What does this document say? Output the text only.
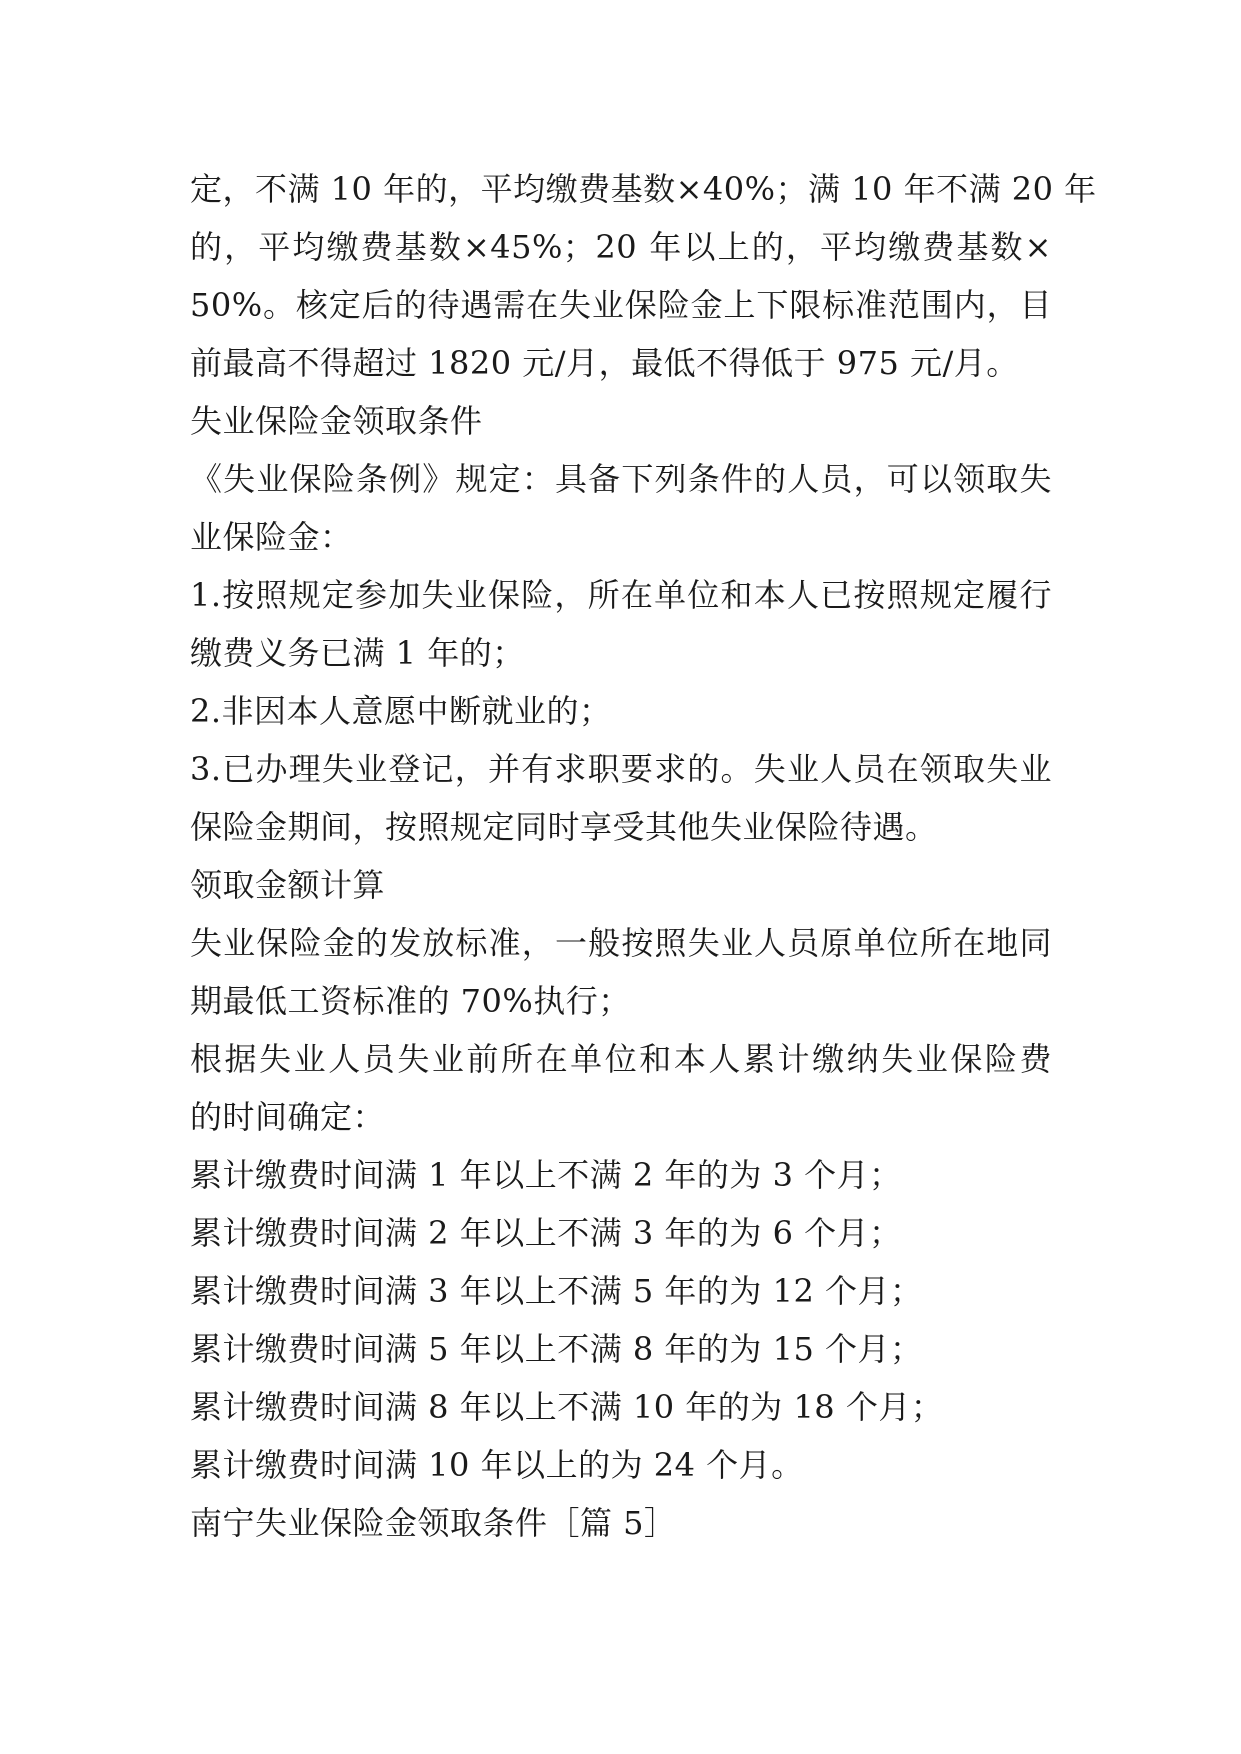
定，不满 10 年的，平均缴费基数×40%；满 10 年不满 20 年
的，平均缴费基数×45%；20 年以上的，平均缴费基数×
50%。核定后的待遇需在失业保险金上下限标准范围内，目
前最高不得超过 1820 元/月，最低不得低于 975 元/月。
失业保险金领取条件
《失业保险条例》规定：具备下列条件的人员，可以领取失
业保险金：
1.按照规定参加失业保险，所在单位和本人已按照规定履行
缴费义务已满 1 年的；
2.非因本人意愿中断就业的；
3.已办理失业登记，并有求职要求的。失业人员在领取失业
保险金期间，按照规定同时享受其他失业保险待遇。
领取金额计算
失业保险金的发放标准，一般按照失业人员原单位所在地同
期最低工资标准的 70%执行；
根据失业人员失业前所在单位和本人累计缴纳失业保险费
的时间确定：
累计缴费时间满 1 年以上不满 2 年的为 3 个月；
累计缴费时间满 2 年以上不满 3 年的为 6 个月；
累计缴费时间满 3 年以上不满 5 年的为 12 个月；
累计缴费时间满 5 年以上不满 8 年的为 15 个月；
累计缴费时间满 8 年以上不满 10 年的为 18 个月；
累计缴费时间满 10 年以上的为 24 个月。
南宁失业保险金领取条件［篇 5］
